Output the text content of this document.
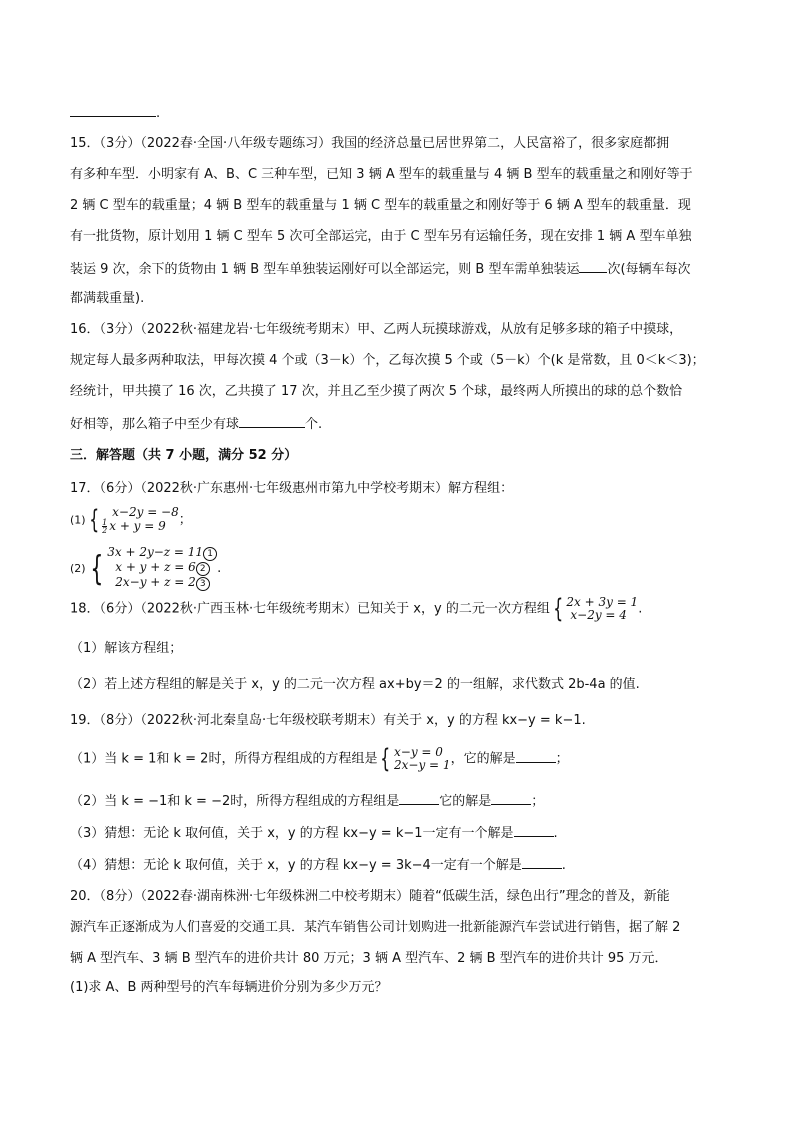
.
15．（3分）（2022春·全国·八年级专题练习）我国的经济总量已居世界第二，人民富裕了，很多家庭都拥
有多种车型．小明家有 A、B、C 三种车型，已知 3 辆 A 型车的载重量与 4 辆 B 型车的载重量之和刚好等于
2 辆 C 型车的载重量；4 辆 B 型车的载重量与 1 辆 C 型车的载重量之和刚好等于 6 辆 A 型车的载重量．现
有一批货物，原计划用 1 辆 C 型车 5 次可全部运完，由于 C 型车另有运输任务，现在安排 1 辆 A 型车单独
装运 9 次，余下的货物由 1 辆 B 型车单独装运刚好可以全部运完，则 B 型车需单独装运 次(每辆车每次
都满载重量).
16．（3分）（2022秋·福建龙岩·七年级统考期末）甲、乙两人玩摸球游戏，从放有足够多球的箱子中摸球，
规定每人最多两种取法，甲每次摸 4 个或（3－k）个，乙每次摸 5 个或（5－k）个(k 是常数，且 0＜k＜3)；
经统计，甲共摸了 16 次，乙共摸了 17 次，并且乙至少摸了两次 5 个球，最终两人所摸出的球的总个数恰
好相等，那么箱子中至少有球	个.
三．解答题（共 7 小题，满分 52 分）
17．（6分）（2022秋·广东惠州·七年级惠州市第九中学校考期末）解方程组：
(1) { x−2y = −8
$\frac{1}{2}$ x + y = 9 ；
(2) { 3x + 2y−z = 11 1
x + y + z = 6 2
2x−y + z = 2 3
.
18．（6分）（2022秋·广西玉林·七年级统考期末）已知关于 x，y 的二元一次方程组 { 2x + 3y = 1
x−2y = 4 .
（1）解该方程组；
（2）若上述方程组的解是关于 x，y 的二元一次方程 ax+by＝2 的一组解，求代数式 2b-4a 的值.
19．（8分）（2022秋·河北秦皇岛·七年级校联考期末）有关于 x，y 的方程 kx−y = k−1.
（1）当 k = 1和 k = 2时，所得方程组成的方程组是 { x−y = 0
2x−y = 1 ，它的解是	；
（2）当 k = −1和 k = −2时，所得方程组成的方程组是	它的解是	；
（3）猜想：无论 k 取何值，关于 x，y 的方程 kx−y = k−1一定有一个解是	.
（4）猜想：无论 k 取何值，关于 x，y 的方程 kx−y = 3k−4一定有一个解是	.
20．（8分）（2022春·湖南株洲·七年级株洲二中校考期末）随着“低碳生活，绿色出行”理念的普及，新能
源汽车正逐渐成为人们喜爱的交通工具．某汽车销售公司计划购进一批新能源汽车尝试进行销售，据了解 2
辆 A 型汽车、3 辆 B 型汽车的进价共计 80 万元；3 辆 A 型汽车、2 辆 B 型汽车的进价共计 95 万元．
(1)求 A、B 两种型号的汽车每辆进价分别为多少万元？
